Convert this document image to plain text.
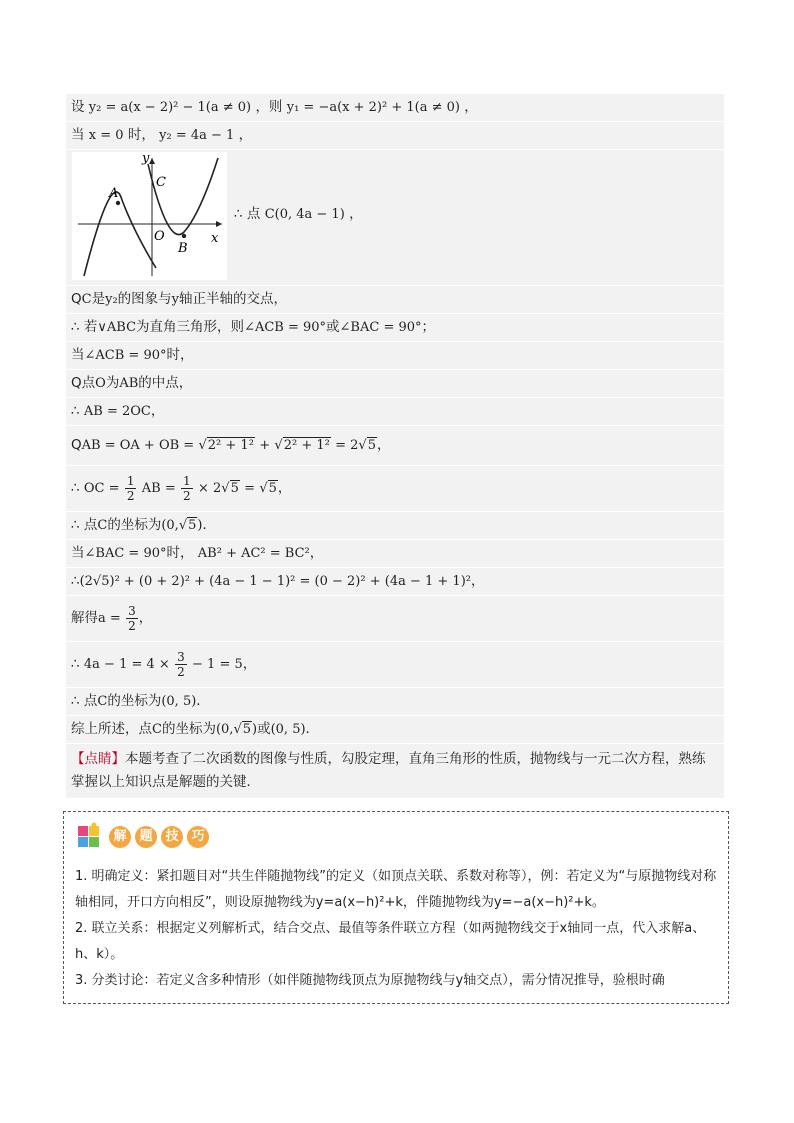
设 y₂ = a(x − 2)² − 1(a ≠ 0) ，则 y₁ = −a(x + 2)² + 1(a ≠ 0) ，
当 x = 0 时， y₂ = 4a − 1 ，
A
B
C
O	x
y
∴ 点 C(0, 4a − 1) ，
QC是y₂的图象与y轴正半轴的交点，
∴ 若∨ABC为直角三角形，则∠ACB = 90°或∠BAC = 90°；
当∠ACB = 90°时，
Q点O为AB的中点，
∴ AB = 2OC，
QAB = OA + OB = √2² + 1² + √2² + 1² = 2√5，
∴ OC = $\frac{1}{2}$ AB = $\frac{1}{2} \times 2√5 = √5$，
∴ 点C的坐标为(0,√5)．
当∠BAC = 90°时， AB² + AC² = BC²，
∴(2√5)² + (0 + 2)² + (4a − 1 − 1)² = (0 − 2)² + (4a − 1 + 1)²，
解得$a = \frac{3}{2}$ ，
∴ $4a - 1 = 4 \times \frac{3}{2} - 1 = 5$，
∴ 点C的坐标为(0, 5)．
综上所述，点C的坐标为(0,√5)或(0, 5)．
【点睛】本题考查了二次函数的图像与性质，勾股定理，直角三角形的性质，抛物线与一元二次方程，熟练掌握以上知识点是解题的关键．
解 题 技 巧

1. 明确定义：紧扣题目对“共生伴随抛物线”的定义（如顶点关联、系数对称等），例：若定义为“与原抛物线对称轴相同，开口方向相反”，则设原抛物线为y=a(x−h)²+k，伴随抛物线为y=−a(x−h)²+k。

2. 联立关系：根据定义列解析式，结合交点、最值等条件联立方程（如两抛物线交于x轴同一点，代入求解a、h、k）。

3. 分类讨论：若定义含多种情形（如伴随抛物线顶点为原抛物线与y轴交点），需分情况推导，验根时确
